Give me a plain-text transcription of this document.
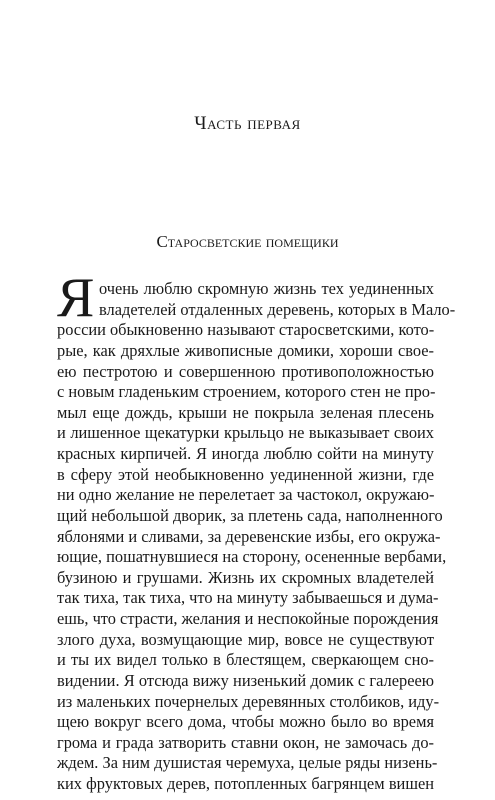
Часть первая
Старосветские помещики
Я очень люблю скромную жизнь тех уединенных
владетелей отдаленных деревень, которых в Мало-
россии обыкновенно называют старосветскими, кото-
рые, как дряхлые живописные домики, хороши свое-
ею пестротою и совершенною противоположностью
с новым гладеньким строением, которого стен не про-
мыл еще дождь, крыши не покрыла зеленая плесень
и лишенное щекатурки крыльцо не выказывает своих
красных кирпичей. Я иногда люблю сойти на минуту
в сферу этой необыкновенно уединенной жизни, где
ни одно желание не перелетает за частокол, окружаю-
щий небольшой дворик, за плетень сада, наполненного
яблонями и сливами, за деревенские избы, его окружа-
ющие, пошатнувшиеся на сторону, осененные вербами,
бузиною и грушами. Жизнь их скромных владетелей
так тиха, так тиха, что на минуту забываешься и дума-
ешь, что страсти, желания и неспокойные порождения
злого духа, возмущающие мир, вовсе не существуют
и ты их видел только в блестящем, сверкающем сно-
видении. Я отсюда вижу низенький домик с галереею
из маленьких почернелых деревянных столбиков, иду-
щею вокруг всего дома, чтобы можно было во время
грома и града затворить ставни окон, не замочась до-
ждем. За ним душистая черемуха, целые ряды низень-
ких фруктовых дерев, потопленных багрянцем вишен
